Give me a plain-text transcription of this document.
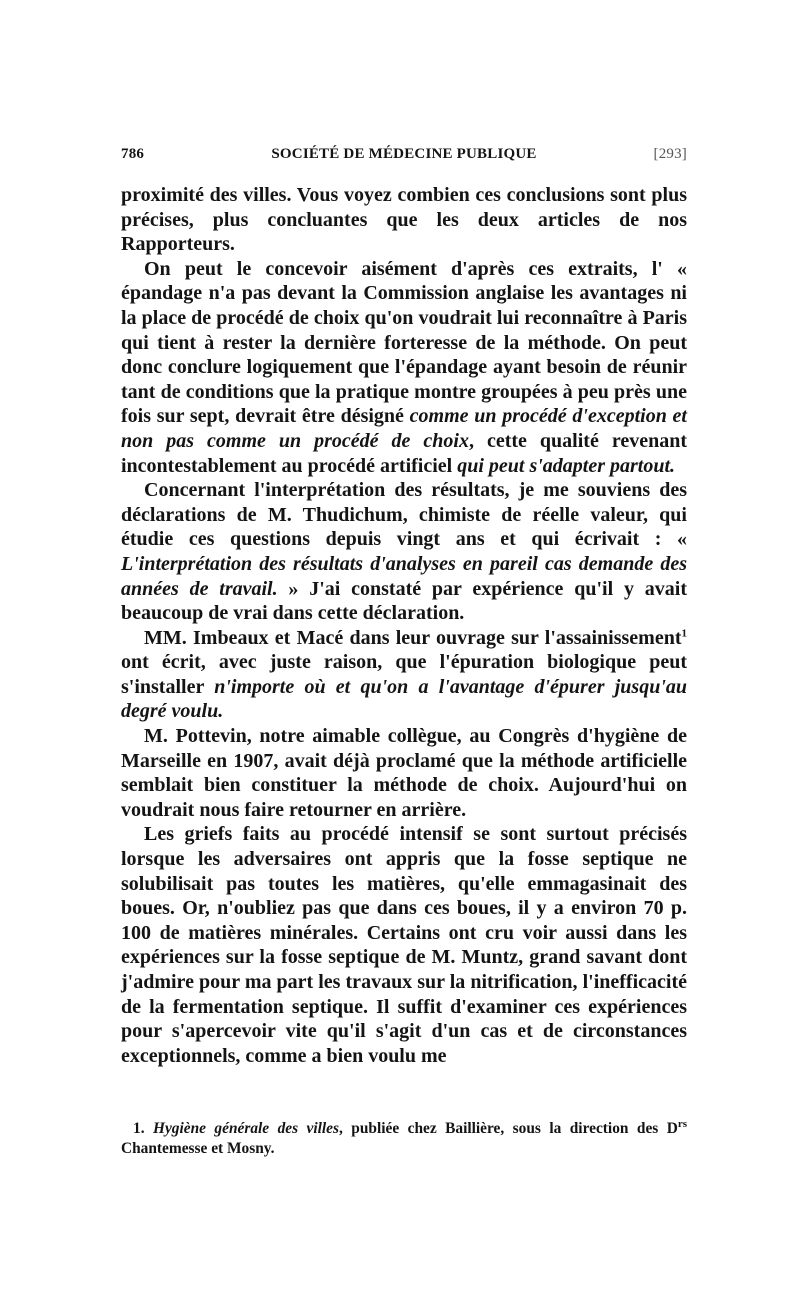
786	SOCIÉTÉ DE MÉDECINE PUBLIQUE	[293]

proximité des villes. Vous voyez combien ces conclusions sont plus précises, plus concluantes que les deux articles de nos Rapporteurs.

On peut le concevoir aisément d'après ces extraits, l' « épandage n'a pas devant la Commission anglaise les avantages ni la place de procédé de choix qu'on voudrait lui reconnaître à Paris qui tient à rester la dernière forteresse de la méthode. On peut donc conclure logiquement que l'épandage ayant besoin de réunir tant de conditions que la pratique montre groupées à peu près une fois sur sept, devrait être désigné comme un procédé d'exception et non pas comme un procédé de choix, cette qualité revenant incontestablement au procédé artificiel qui peut s'adapter partout.

Concernant l'interprétation des résultats, je me souviens des déclarations de M. Thudichum, chimiste de réelle valeur, qui étudie ces questions depuis vingt ans et qui écrivait : « L'interprétation des résultats d'analyses en pareil cas demande des années de travail. » J'ai constaté par expérience qu'il y avait beaucoup de vrai dans cette déclaration.

MM. Imbeaux et Macé dans leur ouvrage sur l'assainissement$^1$ ont écrit, avec juste raison, que l'épuration biologique peut s'installer n'importe où et qu'on a l'avantage d'épurer jusqu'au degré voulu.

M. Pottevin, notre aimable collègue, au Congrès d'hygiène de Marseille en 1907, avait déjà proclamé que la méthode artificielle semblait bien constituer la méthode de choix. Aujourd'hui on voudrait nous faire retourner en arrière.

Les griefs faits au procédé intensif se sont surtout précisés lorsque les adversaires ont appris que la fosse septique ne solubilisait pas toutes les matières, qu'elle emmagasinait des boues. Or, n'oubliez pas que dans ces boues, il y a environ 70 p. 100 de matières minérales. Certains ont cru voir aussi dans les expériences sur la fosse septique de M. Muntz, grand savant dont j'admire pour ma part les travaux sur la nitrification, l'inefficacité de la fermentation septique. Il suffit d'examiner ces expériences pour s'apercevoir vite qu'il s'agit d'un cas et de circonstances exceptionnels, comme a bien voulu me

1. Hygiène générale des villes, publiée chez Baillière, sous la direction des $D^{rs}$ Chantemesse et Mosny.
